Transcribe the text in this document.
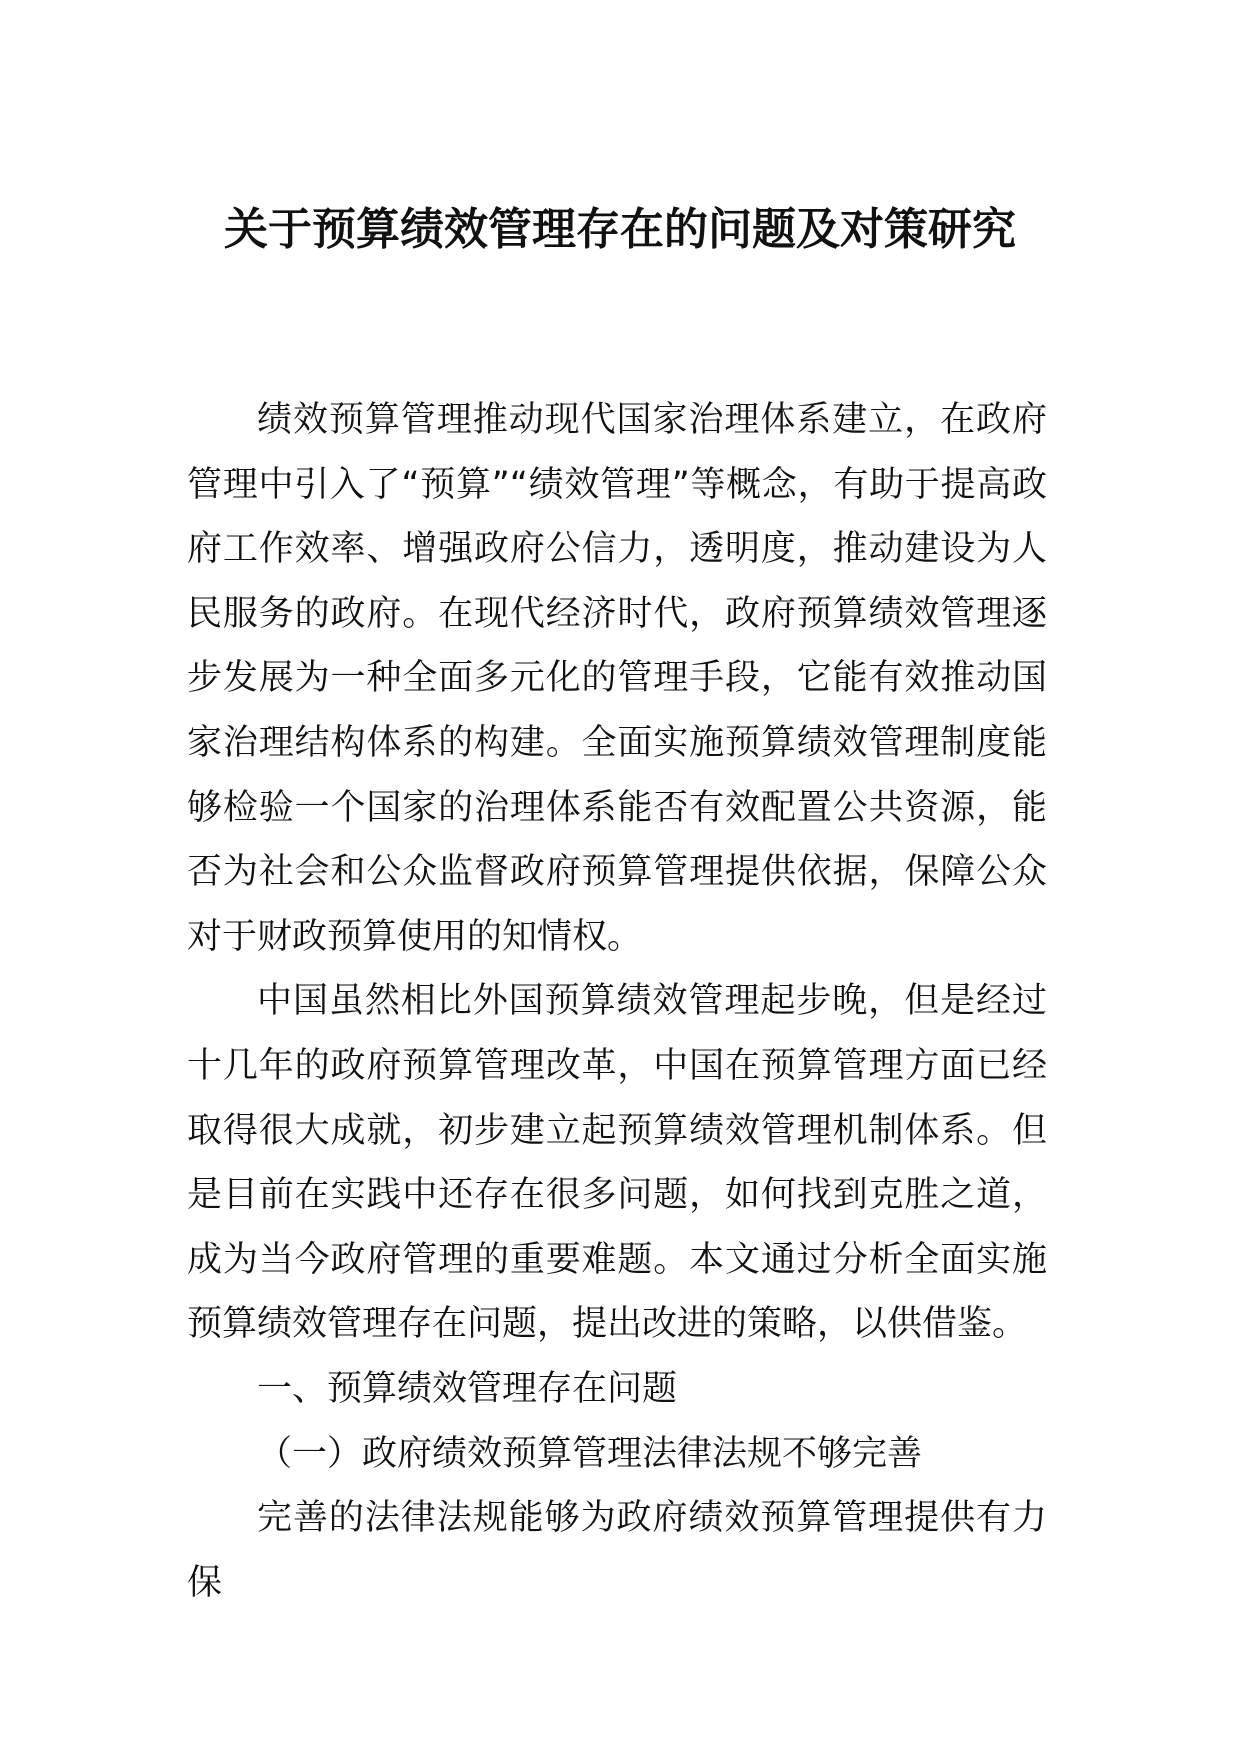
关于预算绩效管理存在的问题及对策研究

绩效预算管理推动现代国家治理体系建立，在政府管理中引入了“预算”“绩效管理”等概念，有助于提高政府工作效率、增强政府公信力，透明度，推动建设为人民服务的政府。在现代经济时代，政府预算绩效管理逐步发展为一种全面多元化的管理手段，它能有效推动国家治理结构体系的构建。全面实施预算绩效管理制度能够检验一个国家的治理体系能否有效配置公共资源，能否为社会和公众监督政府预算管理提供依据，保障公众对于财政预算使用的知情权。

中国虽然相比外国预算绩效管理起步晚，但是经过十几年的政府预算管理改革，中国在预算管理方面已经取得很大成就，初步建立起预算绩效管理机制体系。但是目前在实践中还存在很多问题，如何找到克胜之道，成为当今政府管理的重要难题。本文通过分析全面实施预算绩效管理存在问题，提出改进的策略，以供借鉴。

一、预算绩效管理存在问题

（一）政府绩效预算管理法律法规不够完善

完善的法律法规能够为政府绩效预算管理提供有力保
